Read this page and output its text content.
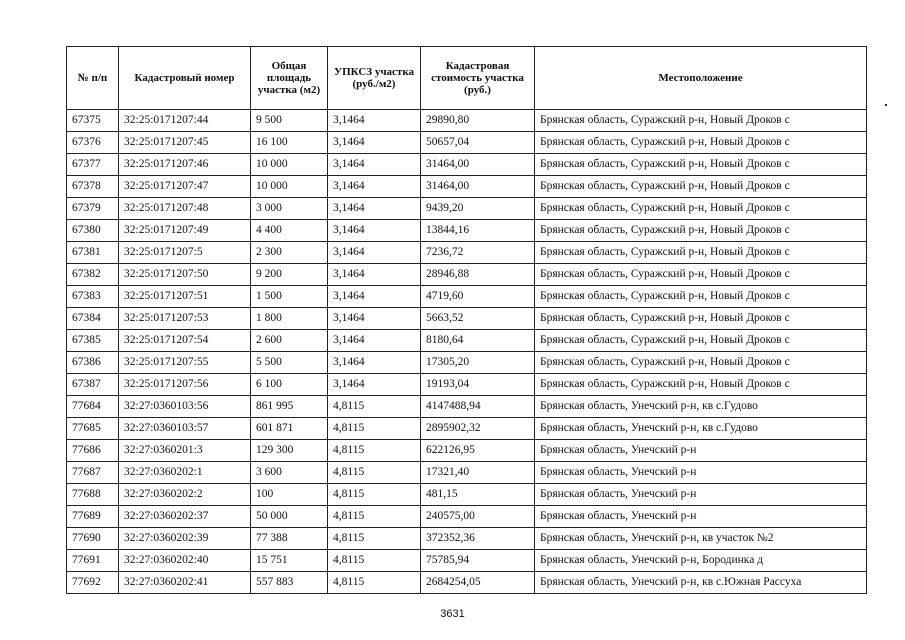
№ п/п	Кадастровый номер	Общая площадь участка (м2)	УПКСЗ участка (руб./м2)	Кадастровая стоимость участка (руб.)	Местоположение
67375	32:25:0171207:44	9 500	3,1464	29890,80	Брянская область, Суражский р-н, Новый Дроков с
67376	32:25:0171207:45	16 100	3,1464	50657,04	Брянская область, Суражский р-н, Новый Дроков с
67377	32:25:0171207:46	10 000	3,1464	31464,00	Брянская область, Суражский р-н, Новый Дроков с
67378	32:25:0171207:47	10 000	3,1464	31464,00	Брянская область, Суражский р-н, Новый Дроков с
67379	32:25:0171207:48	3 000	3,1464	9439,20	Брянская область, Суражский р-н, Новый Дроков с
67380	32:25:0171207:49	4 400	3,1464	13844,16	Брянская область, Суражский р-н, Новый Дроков с
67381	32:25:0171207:5	2 300	3,1464	7236,72	Брянская область, Суражский р-н, Новый Дроков с
67382	32:25:0171207:50	9 200	3,1464	28946,88	Брянская область, Суражский р-н, Новый Дроков с
67383	32:25:0171207:51	1 500	3,1464	4719,60	Брянская область, Суражский р-н, Новый Дроков с
67384	32:25:0171207:53	1 800	3,1464	5663,52	Брянская область, Суражский р-н, Новый Дроков с
67385	32:25:0171207:54	2 600	3,1464	8180,64	Брянская область, Суражский р-н, Новый Дроков с
67386	32:25:0171207:55	5 500	3,1464	17305,20	Брянская область, Суражский р-н, Новый Дроков с
67387	32:25:0171207:56	6 100	3,1464	19193,04	Брянская область, Суражский р-н, Новый Дроков с
77684	32:27:0360103:56	861 995	4,8115	4147488,94	Брянская область, Унечский р-н, кв с.Гудово
77685	32:27:0360103:57	601 871	4,8115	2895902,32	Брянская область, Унечский р-н, кв с.Гудово
77686	32:27:0360201:3	129 300	4,8115	622126,95	Брянская область, Унечский р-н
77687	32:27:0360202:1	3 600	4,8115	17321,40	Брянская область, Унечский р-н
77688	32:27:0360202:2	100	4,8115	481,15	Брянская область, Унечский р-н
77689	32:27:0360202:37	50 000	4,8115	240575,00	Брянская область, Унечский р-н
77690	32:27:0360202:39	77 388	4,8115	372352,36	Брянская область, Унечский р-н, кв участок №2
77691	32:27:0360202:40	15 751	4,8115	75785,94	Брянская область, Унечский р-н, Бородинка д
77692	32:27:0360202:41	557 883	4,8115	2684254,05	Брянская область, Унечский р-н, кв с.Южная Рассуха
3631
